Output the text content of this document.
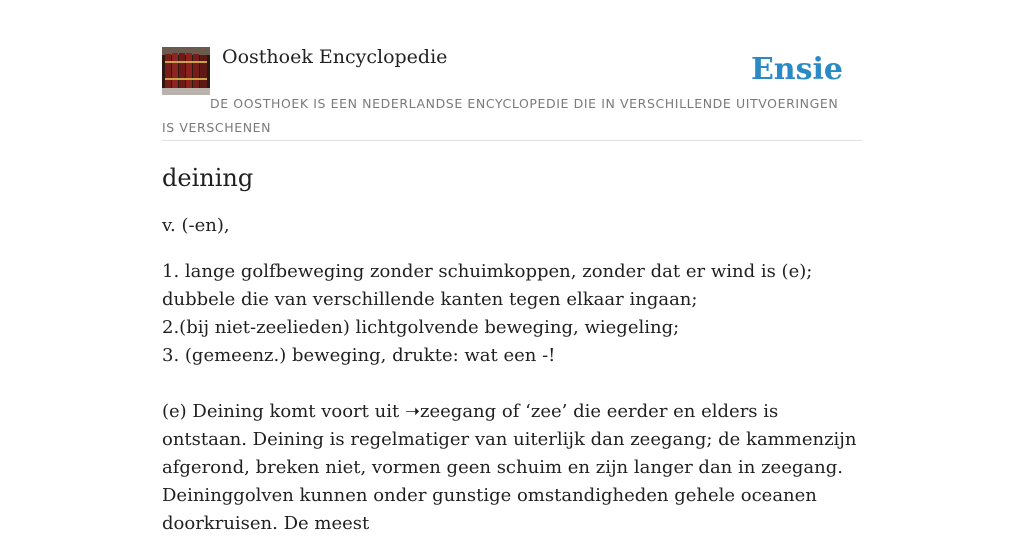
Oosthoek Encyclopedie	Ensie
DE OOSTHOEK IS EEN NEDERLANDSE ENCYCLOPEDIE DIE IN VERSCHILLENDE UITVOERINGEN IS VERSCHENEN
deining

v. (-en),

1. lange golfbeweging zonder schuimkoppen, zonder dat er wind is (e); dubbele die van verschillende kanten tegen elkaar ingaan;
2.(bij niet-zeelieden) lichtgolvende beweging, wiegeling;
3. (gemeenz.) beweging, drukte: wat een -!

(e) Deining komt voort uit ➝zeegang of ‘zee’ die eerder en elders is ontstaan. Deining is regelmatiger van uiterlijk dan zeegang; de kammenzijn afgerond, breken niet, vormen geen schuim en zijn langer dan in zeegang. Deininggolven kunnen onder gunstige omstandigheden gehele oceanen doorkruisen. De meest
